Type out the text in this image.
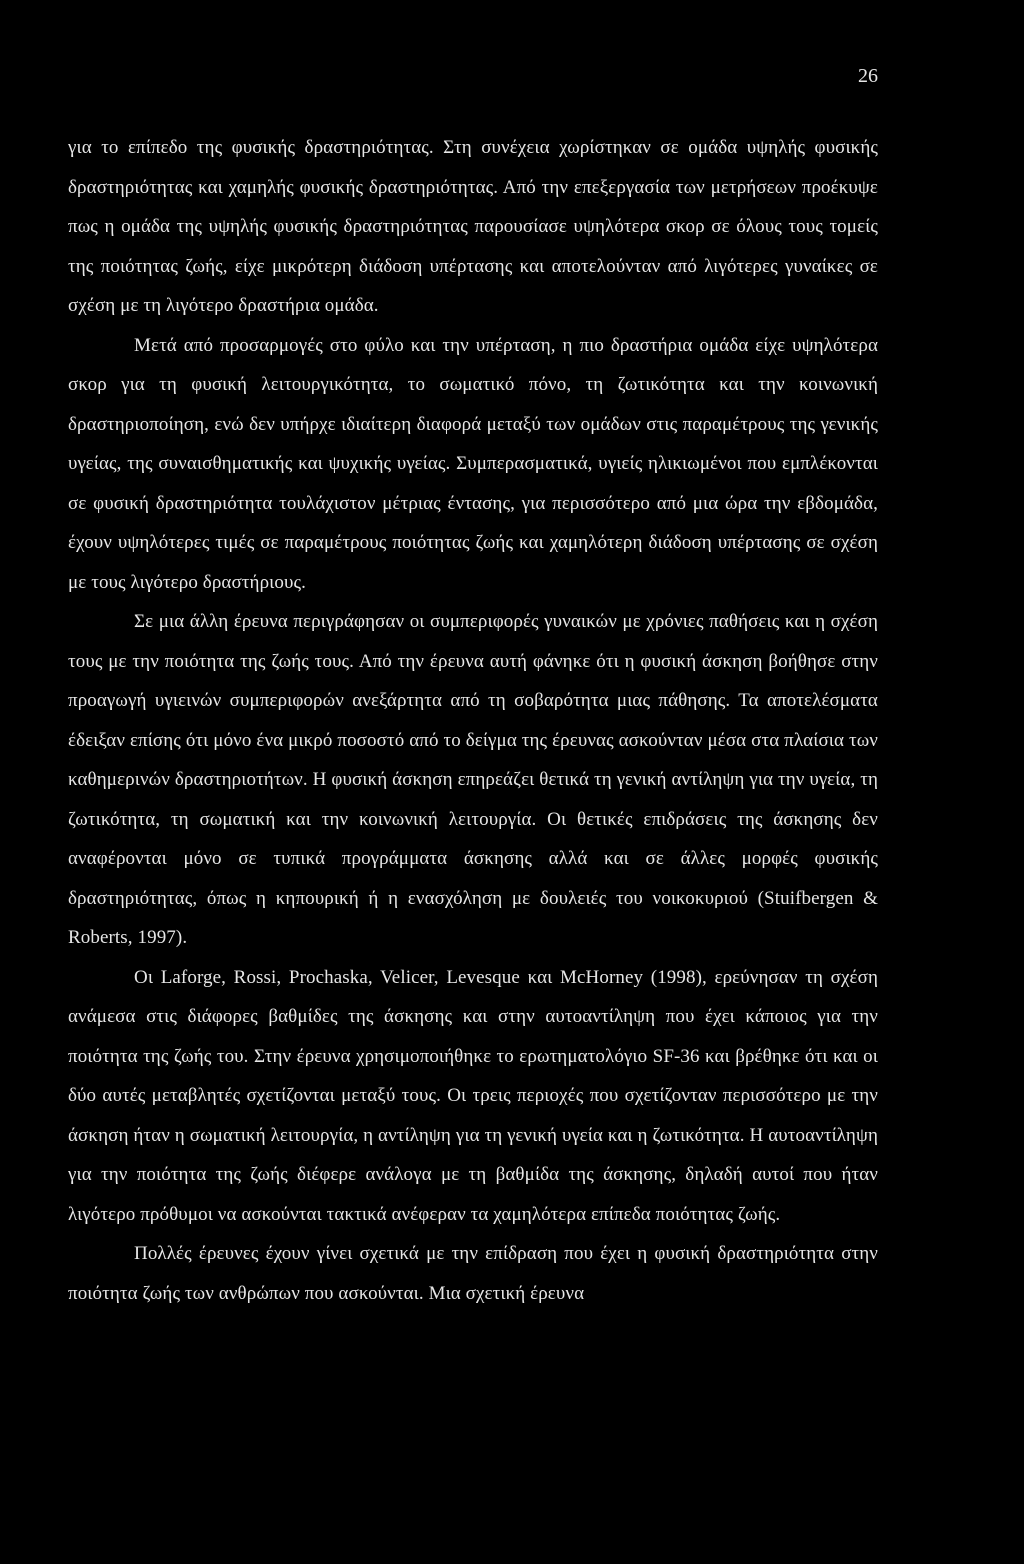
26

για το επίπεδο της φυσικής δραστηριότητας. Στη συνέχεια χωρίστηκαν σε ομάδα υψηλής φυσικής δραστηριότητας και χαμηλής φυσικής δραστηριότητας. Από την επεξεργασία των μετρήσεων προέκυψε πως η ομάδα της υψηλής φυσικής δραστηριότητας παρουσίασε υψηλότερα σκορ σε όλους τους τομείς της ποιότητας ζωής, είχε μικρότερη διάδοση υπέρτασης και αποτελούνταν από λιγότερες γυναίκες σε σχέση με τη λιγότερο δραστήρια ομάδα.

Μετά από προσαρμογές στο φύλο και την υπέρταση, η πιο δραστήρια ομάδα είχε υψηλότερα σκορ για τη φυσική λειτουργικότητα, το σωματικό πόνο, τη ζωτικότητα και την κοινωνική δραστηριοποίηση, ενώ δεν υπήρχε ιδιαίτερη διαφορά μεταξύ των ομάδων στις παραμέτρους της γενικής υγείας, της συναισθηματικής και ψυχικής υγείας. Συμπερασματικά, υγιείς ηλικιωμένοι που εμπλέκονται σε φυσική δραστηριότητα τουλάχιστον μέτριας έντασης, για περισσότερο από μια ώρα την εβδομάδα, έχουν υψηλότερες τιμές σε παραμέτρους ποιότητας ζωής και χαμηλότερη διάδοση υπέρτασης σε σχέση με τους λιγότερο δραστήριους.

Σε μια άλλη έρευνα περιγράφησαν οι συμπεριφορές γυναικών με χρόνιες παθήσεις και η σχέση τους με την ποιότητα της ζωής τους. Από την έρευνα αυτή φάνηκε ότι η φυσική άσκηση βοήθησε στην προαγωγή υγιεινών συμπεριφορών ανεξάρτητα από τη σοβαρότητα μιας πάθησης. Τα αποτελέσματα έδειξαν επίσης ότι μόνο ένα μικρό ποσοστό από το δείγμα της έρευνας ασκούνταν μέσα στα πλαίσια των καθημερινών δραστηριοτήτων. Η φυσική άσκηση επηρεάζει θετικά τη γενική αντίληψη για την υγεία, τη ζωτικότητα, τη σωματική και την κοινωνική λειτουργία. Οι θετικές επιδράσεις της άσκησης δεν αναφέρονται μόνο σε τυπικά προγράμματα άσκησης αλλά και σε άλλες μορφές φυσικής δραστηριότητας, όπως η κηπουρική ή η ενασχόληση με δουλειές του νοικοκυριού (Stuifbergen & Roberts, 1997).

Οι Laforge, Rossi, Prochaska, Velicer, Levesque και McHorney (1998), ερεύνησαν τη σχέση ανάμεσα στις διάφορες βαθμίδες της άσκησης και στην αυτοαντίληψη που έχει κάποιος για την ποιότητα της ζωής του. Στην έρευνα χρησιμοποιήθηκε το ερωτηματολόγιο SF-36 και βρέθηκε ότι και οι δύο αυτές μεταβλητές σχετίζονται μεταξύ τους. Οι τρεις περιοχές που σχετίζονταν περισσότερο με την άσκηση ήταν η σωματική λειτουργία, η αντίληψη για τη γενική υγεία και η ζωτικότητα. Η αυτοαντίληψη για την ποιότητα της ζωής διέφερε ανάλογα με τη βαθμίδα της άσκησης, δηλαδή αυτοί που ήταν λιγότερο πρόθυμοι να ασκούνται τακτικά ανέφεραν τα χαμηλότερα επίπεδα ποιότητας ζωής.

Πολλές έρευνες έχουν γίνει σχετικά με την επίδραση που έχει η φυσική δραστηριότητα στην ποιότητα ζωής των ανθρώπων που ασκούνται. Μια σχετική έρευνα
